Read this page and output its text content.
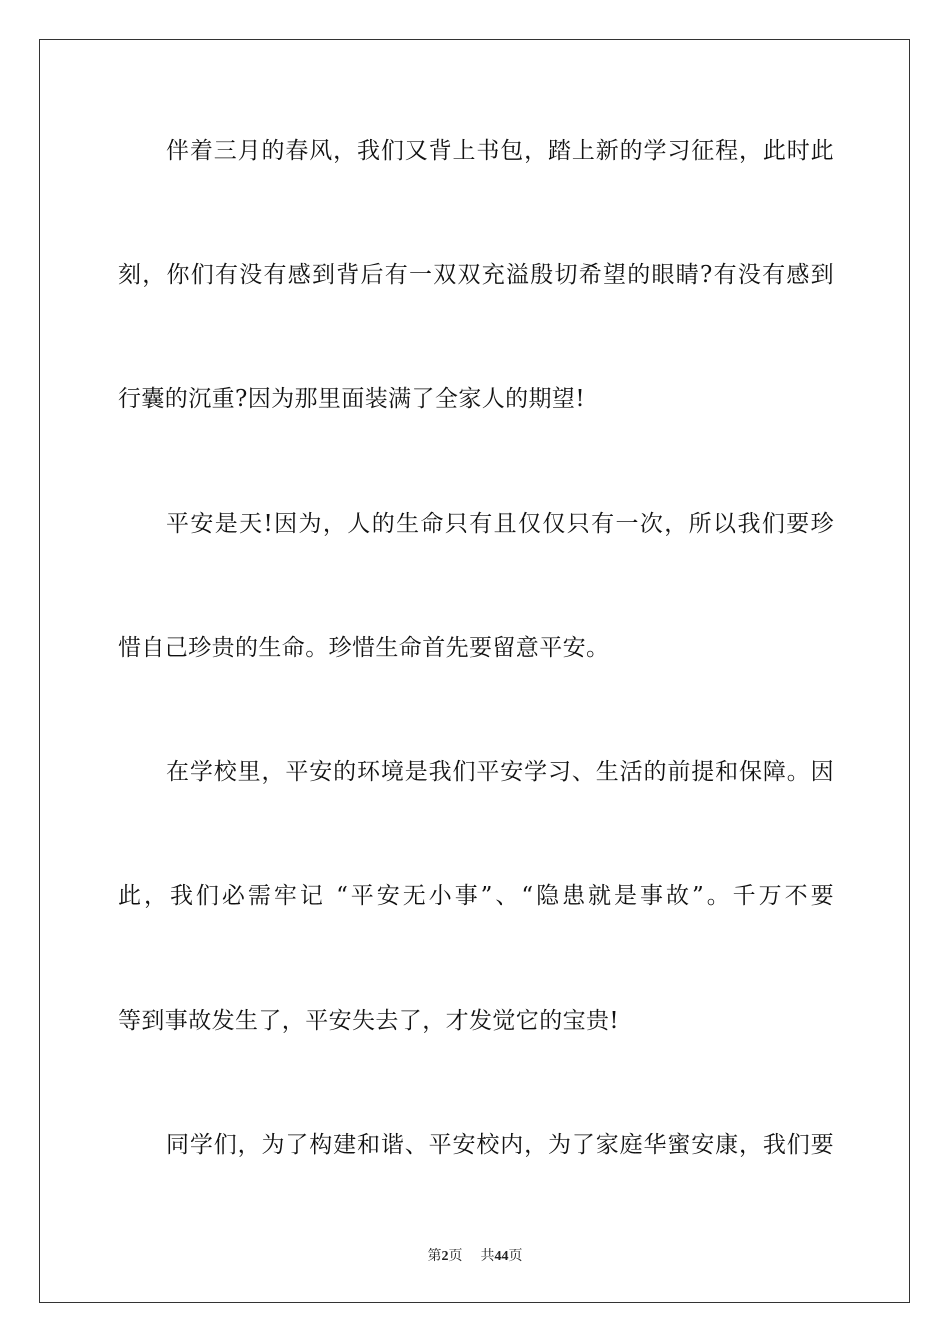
伴着三月的春风，我们又背上书包，踏上新的学习征程，此时此
刻，你们有没有感到背后有一双双充溢殷切希望的眼睛?有没有感到
行囊的沉重?因为那里面装满了全家人的期望!
平安是天!因为，人的生命只有且仅仅只有一次，所以我们要珍
惜自己珍贵的生命。珍惜生命首先要留意平安。
在学校里，平安的环境是我们平安学习、生活的前提和保障。因
此，我们必需牢记 “平安无小事”、“隐患就是事故”。千万不要
等到事故发生了，平安失去了，才发觉它的宝贵!
同学们，为了构建和谐、平安校内，为了家庭华蜜安康，我们要
第2页 共44页
